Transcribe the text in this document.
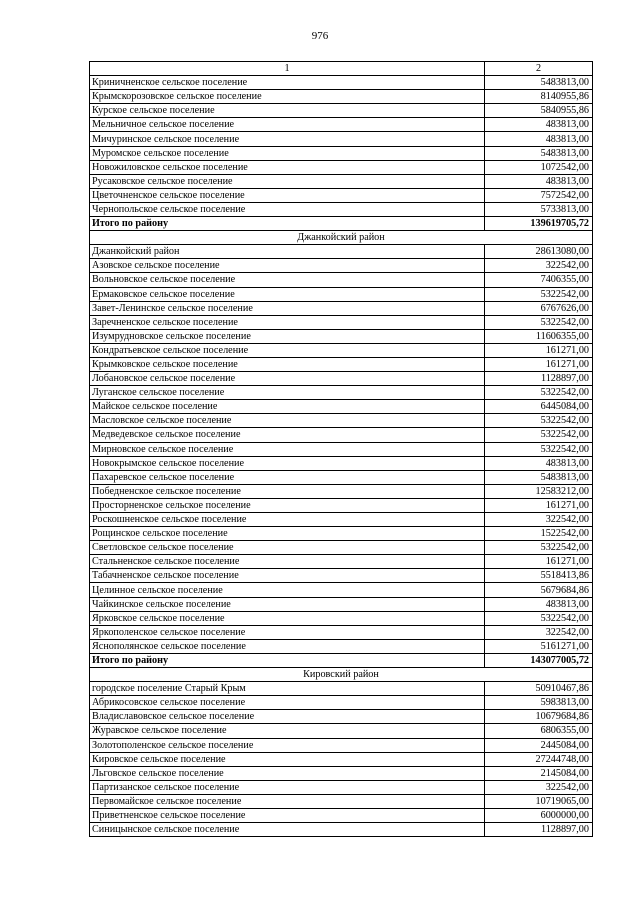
976
1	2
Криничненское сельское поселение	5483813,00
Крымскорозовское сельское поселение	8140955,86
Курское сельское поселение	5840955,86
Мельничное сельское поселение	483813,00
Мичуринское сельское поселение	483813,00
Муромское сельское поселение	5483813,00
Новожиловское сельское поселение	1072542,00
Русаковское сельское поселение	483813,00
Цветочненское сельское поселение	7572542,00
Чернопольское сельское поселение	5733813,00
Итого по району	139619705,72
Джанкойский район	
Джанкойский район	28613080,00
Азовское сельское поселение	322542,00
Вольновское сельское поселение	7406355,00
Ермаковское сельское поселение	5322542,00
Завет-Ленинское сельское поселение	6767626,00
Заречненское сельское поселение	5322542,00
Изумрудновское сельское поселение	11606355,00
Кондратьевское сельское поселение	161271,00
Крымковское сельское поселение	161271,00
Лобановское сельское поселение	1128897,00
Луганское сельское поселение	5322542,00
Майское сельское поселение	6445084,00
Масловское сельское поселение	5322542,00
Медведевское сельское поселение	5322542,00
Мирновское сельское поселение	5322542,00
Новокрымское сельское поселение	483813,00
Пахаревское сельское поселение	5483813,00
Победненское сельское поселение	12583212,00
Просторненское сельское поселение	161271,00
Роскошненское сельское поселение	322542,00
Рощинское сельское поселение	1522542,00
Светловское сельское поселение	5322542,00
Стальненское сельское поселение	161271,00
Табачненское сельское поселение	5518413,86
Целинное сельское поселение	5679684,86
Чайкинское сельское поселение	483813,00
Ярковское сельское поселение	5322542,00
Яркополенское сельское поселение	322542,00
Яснополянское сельское поселение	5161271,00
Итого по району	143077005,72
Кировский район	
городское поселение Старый Крым	50910467,86
Абрикосовское сельское поселение	5983813,00
Владиславовское сельское поселение	10679684,86
Журавское сельское поселение	6806355,00
Золотополенское сельское поселение	2445084,00
Кировское сельское поселение	27244748,00
Льговское сельское поселение	2145084,00
Партизанское сельское поселение	322542,00
Первомайское сельское поселение	10719065,00
Приветненское сельское поселение	6000000,00
Синицынское сельское поселение	1128897,00
